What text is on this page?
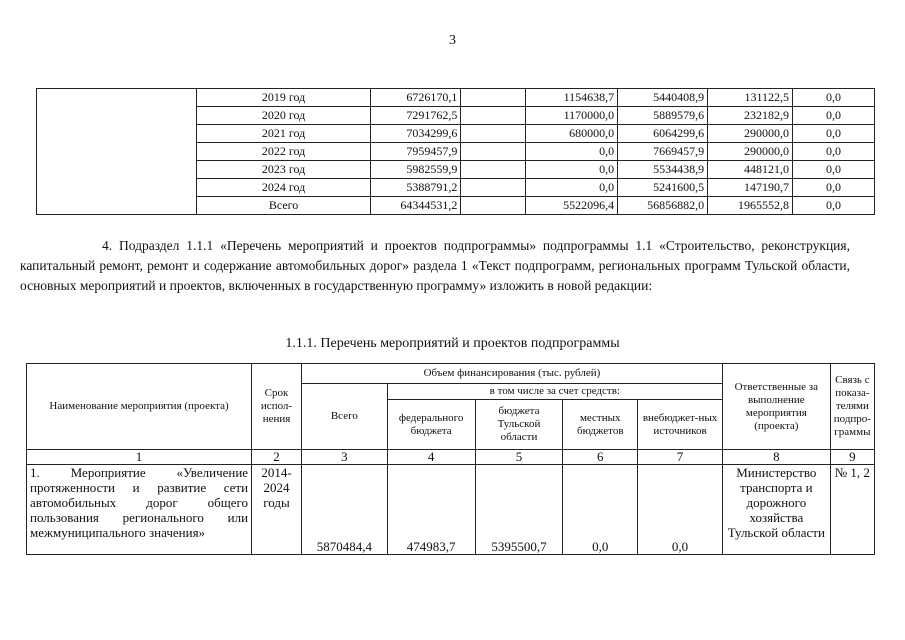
3
	2019 год	6726170,1		1154638,7	5440408,9	131122,5	0,0
	2020 год	7291762,5		1170000,0	5889579,6	232182,9	0,0
	2021 год	7034299,6		680000,0	6064299,6	290000,0	0,0
	2022 год	7959457,9		0,0	7669457,9	290000,0	0,0
	2023 год	5982559,9		0,0	5534438,9	448121,0	0,0
	2024 год	5388791,2		0,0	5241600,5	147190,7	0,0
	Всего	64344531,2		5522096,4	56856882,0	1965552,8	0,0
4. Подраздел 1.1.1 «Перечень мероприятий и проектов подпрограммы» подпрограммы 1.1 «Строительство, реконструкция, капитальный ремонт, ремонт и содержание автомобильных дорог» раздела 1 «Текст подпрограмм, региональных программ Тульской области, основных мероприятий и проектов, включенных в государственную программу» изложить в новой редакции:
1.1.1. Перечень мероприятий и проектов подпрограммы
Наименование мероприятия (проекта)	Срок испол-нения	Объем финансирования (тыс. рублей)					Ответственные за выполнение мероприятия (проекта)	Связь с показа-телями подпро-граммы
		Всего	в том числе за счет средств:					
			федерального бюджета	бюджета Тульской области	местных бюджетов	внебюджет-ных источников		
1	2	3	4	5	6	7	8	9
1. Мероприятие «Увеличение протяженности и развитие сети автомобильных дорог общего пользования регионального или межмуниципального значения»	2014-2024 годы	5870484,4	474983,7	5395500,7	0,0	0,0	Министерство транспорта и дорожного хозяйства Тульской области	№ 1, 2
